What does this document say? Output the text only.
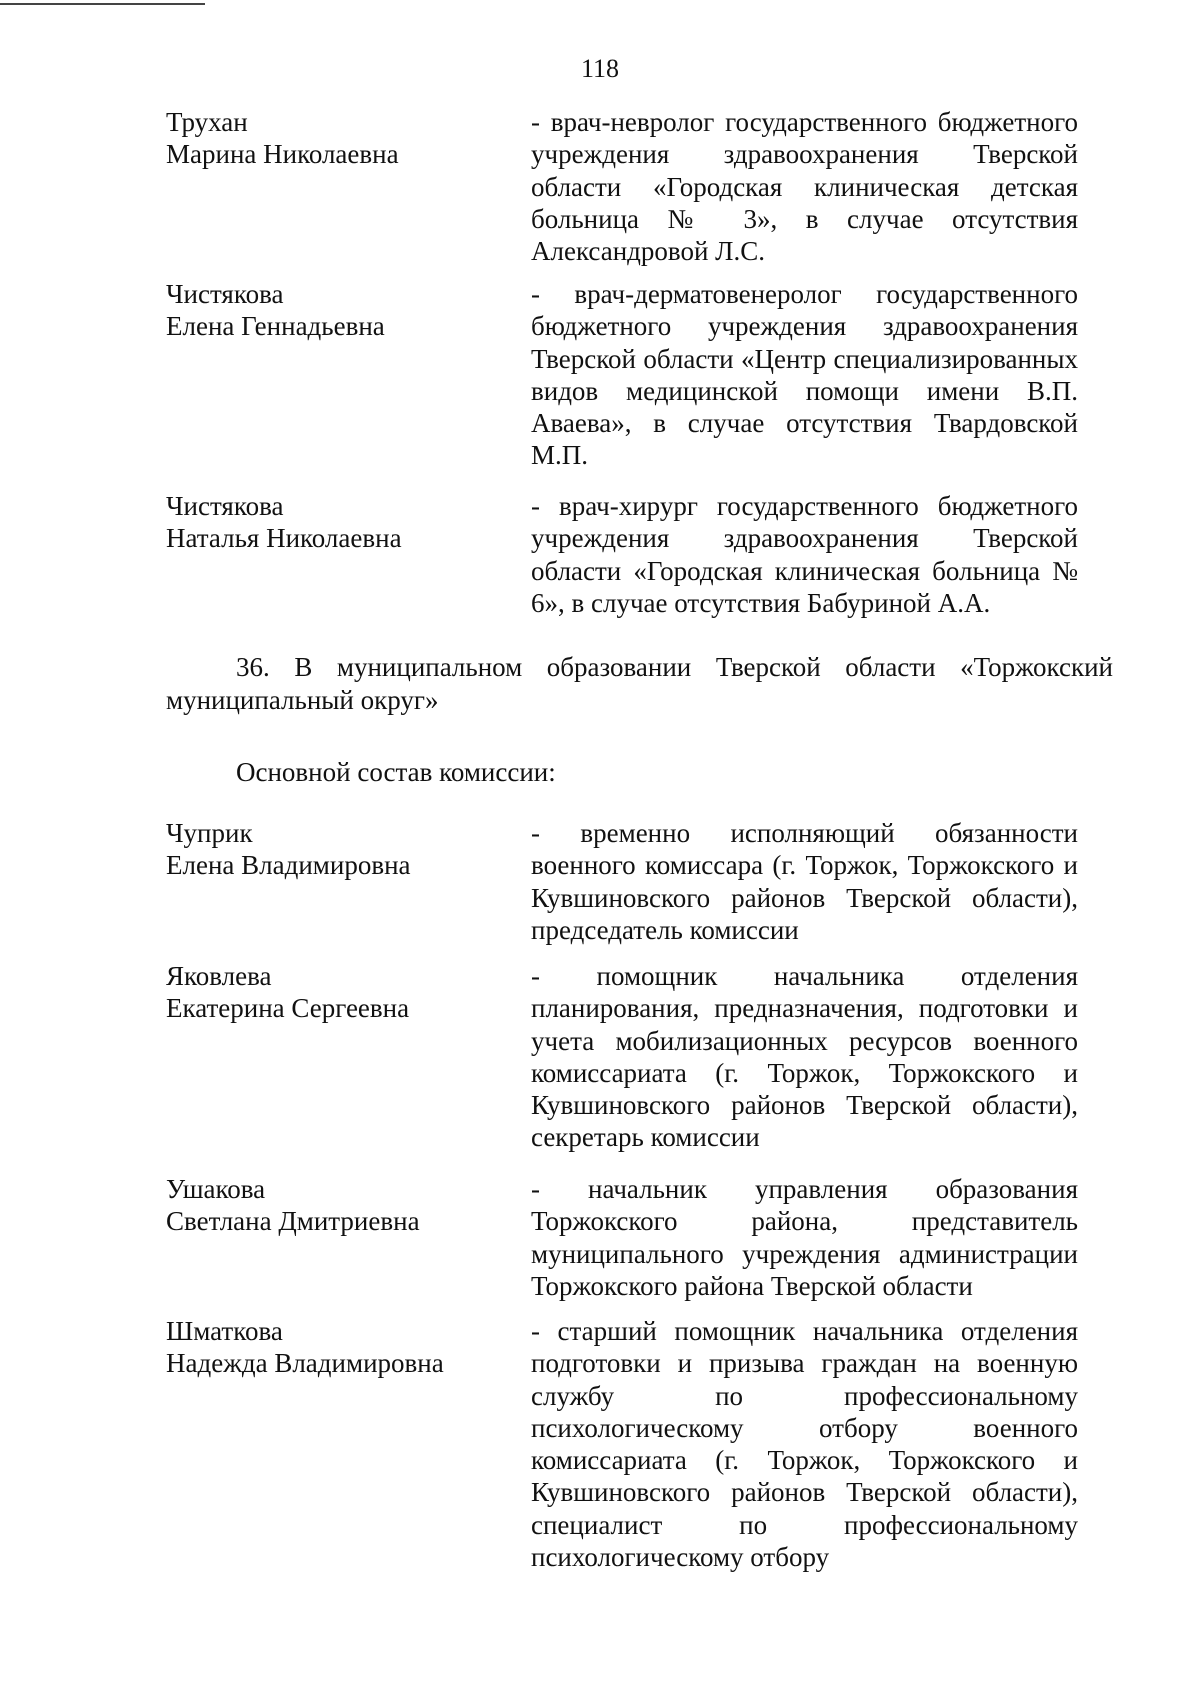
118
Трухан
Марина Николаевна
- врач-невролог государственного бюджетного учреждения здравоохранения Тверской области «Городская клиническая детская больница № 3», в случае отсутствия Александровой Л.С.
Чистякова
Елена Геннадьевна
- врач-дерматовенеролог государственного бюджетного учреждения здравоохранения Тверской области «Центр специализированных видов медицинской помощи имени В.П. Аваева», в случае отсутствия Твардовской М.П.
Чистякова
Наталья Николаевна
- врач-хирург государственного бюджетного учреждения здравоохранения Тверской области «Городская клиническая больница № 6», в случае отсутствия Бабуриной А.А.
36. В муниципальном образовании Тверской области «Торжокский муниципальный округ»
Основной состав комиссии:
Чуприк
Елена Владимировна
- временно исполняющий обязанности военного комиссара (г. Торжок, Торжокского и Кувшиновского районов Тверской области), председатель комиссии
Яковлева
Екатерина Сергеевна
- помощник начальника отделения планирования, предназначения, подготовки и учета мобилизационных ресурсов военного комиссариата (г. Торжок, Торжокского и Кувшиновского районов Тверской области), секретарь комиссии
Ушакова
Светлана Дмитриевна
- начальник управления образования Торжокского района, представитель муниципального учреждения администрации Торжокского района Тверской области
Шматкова
Надежда Владимировна
- старший помощник начальника отделения подготовки и призыва граждан на военную службу по профессиональному психологическому отбору военного комиссариата (г. Торжок, Торжокского и Кувшиновского районов Тверской области), специалист по профессиональному психологическому отбору
